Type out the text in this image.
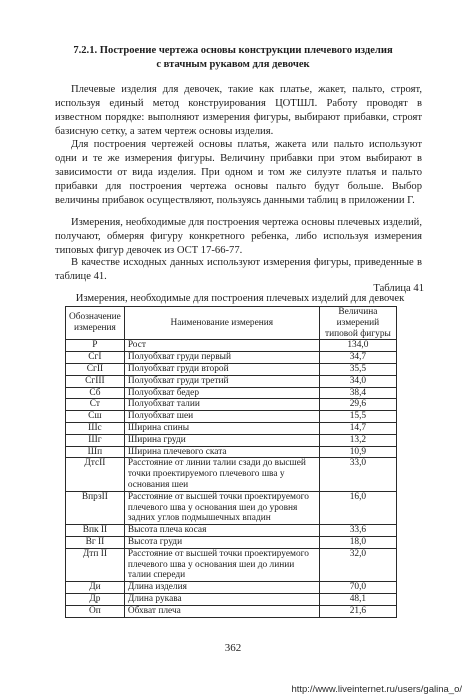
7.2.1. Построение чертежа основы конструкции плечевого изделия
с втачным рукавом для девочек
Плечевые изделия для девочек, такие как платье, жакет, пальто, строят, используя единый метод конструирования ЦОТШЛ. Работу проводят в известном порядке: выполняют измерения фигуры, выбирают прибавки, строят базисную сетку, а затем чертеж основы изделия.
Для построения чертежей основы платья, жакета или пальто используют одни и те же измерения фигуры. Величину прибавки при этом выбирают в зависимости от вида изделия. При одном и том же силуэте платья и пальто прибавки для построения чертежа основы пальто будут больше. Выбор величины прибавок осуществляют, пользуясь данными таблиц в приложении Г.
Измерения, необходимые для построения чертежа основы плечевых изделий, получают, обмеряя фигуру конкретного ребенка, либо используя измерения типовых фигур девочек из ОСТ 17-66-77.
В качестве исходных данных используют измерения фигуры, приведенные в таблице 41.
Таблица 41
Измерения, необходимые для построения плечевых изделий для девочек
Обозначение измерения	Наименование измерения	Величина измерений типовой фигуры
Р	Рост	134,0
СгI	Полуобхват груди первый	34,7
СгII	Полуобхват груди второй	35,5
СгIII	Полуобхват груди третий	34,0
Сб	Полуобхват бедер	38,4
Ст	Полуобхват талии	29,6
Сш	Полуобхват шеи	15,5
Шс	Ширина спины	14,7
Шг	Ширина груди	13,2
Шп	Ширина плечевого ската	10,9
ДтсII	Расстояние от линии талии сзади до высшей точки проектируемого плечевого шва у основания шеи	33,0
ВпрзII	Расстояние от высшей точки проектируемого плечевого шва у основания шеи до уровня задних углов подмышечных впадин	16,0
Впк II	Высота плеча косая	33,6
Вг II	Высота груди	18,0
Дтп II	Расстояние от высшей точки проектируемого плечевого шва у основания шеи до линии талии спереди	32,0
Ди	Длина изделия	70,0
Др	Длина рукава	48,1
Оп	Обхват плеча	21,6
362
http://www.liveinternet.ru/users/galina_o/
